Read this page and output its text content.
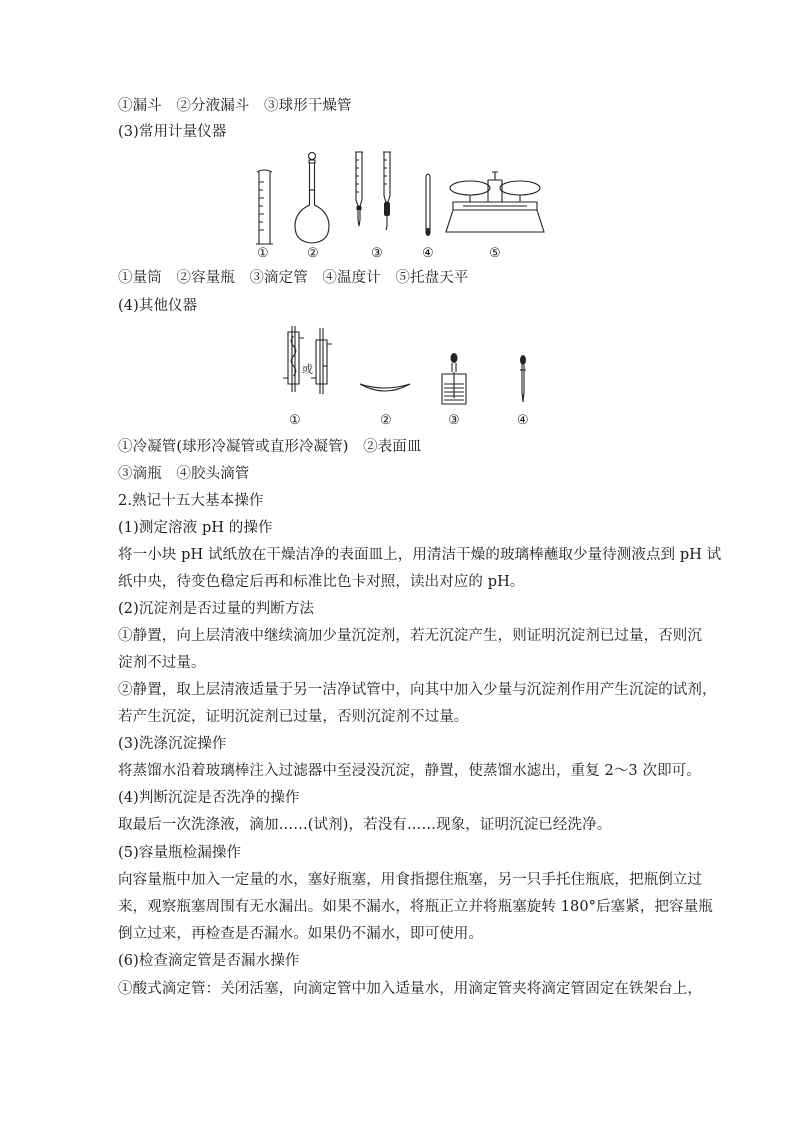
①漏斗　②分液漏斗　③球形干燥管
(3)常用计量仪器
①	②	③	④	⑤
①量筒　②容量瓶　③滴定管　④温度计　⑤托盘天平
(4)其他仪器
或
①	②	③	④
①冷凝管(球形冷凝管或直形冷凝管)　②表面皿
③滴瓶　④胶头滴管
2.熟记十五大基本操作
(1)测定溶液 pH 的操作
将一小块 pH 试纸放在干燥洁净的表面皿上，用清洁干燥的玻璃棒蘸取少量待测液点到 pH 试
纸中央，待变色稳定后再和标准比色卡对照，读出对应的 pH。
(2)沉淀剂是否过量的判断方法
①静置，向上层清液中继续滴加少量沉淀剂，若无沉淀产生，则证明沉淀剂已过量，否则沉
淀剂不过量。
②静置，取上层清液适量于另一洁净试管中，向其中加入少量与沉淀剂作用产生沉淀的试剂，
若产生沉淀，证明沉淀剂已过量，否则沉淀剂不过量。
(3)洗涤沉淀操作
将蒸馏水沿着玻璃棒注入过滤器中至浸没沉淀，静置，使蒸馏水滤出，重复 2～3 次即可。
(4)判断沉淀是否洗净的操作
取最后一次洗涤液，滴加……(试剂)，若没有……现象，证明沉淀已经洗净。
(5)容量瓶检漏操作
向容量瓶中加入一定量的水，塞好瓶塞，用食指摁住瓶塞，另一只手托住瓶底，把瓶倒立过
来，观察瓶塞周围有无水漏出。如果不漏水，将瓶正立并将瓶塞旋转 180°后塞紧，把容量瓶
倒立过来，再检查是否漏水。如果仍不漏水，即可使用。
(6)检查滴定管是否漏水操作
①酸式滴定管：关闭活塞，向滴定管中加入适量水，用滴定管夹将滴定管固定在铁架台上，
